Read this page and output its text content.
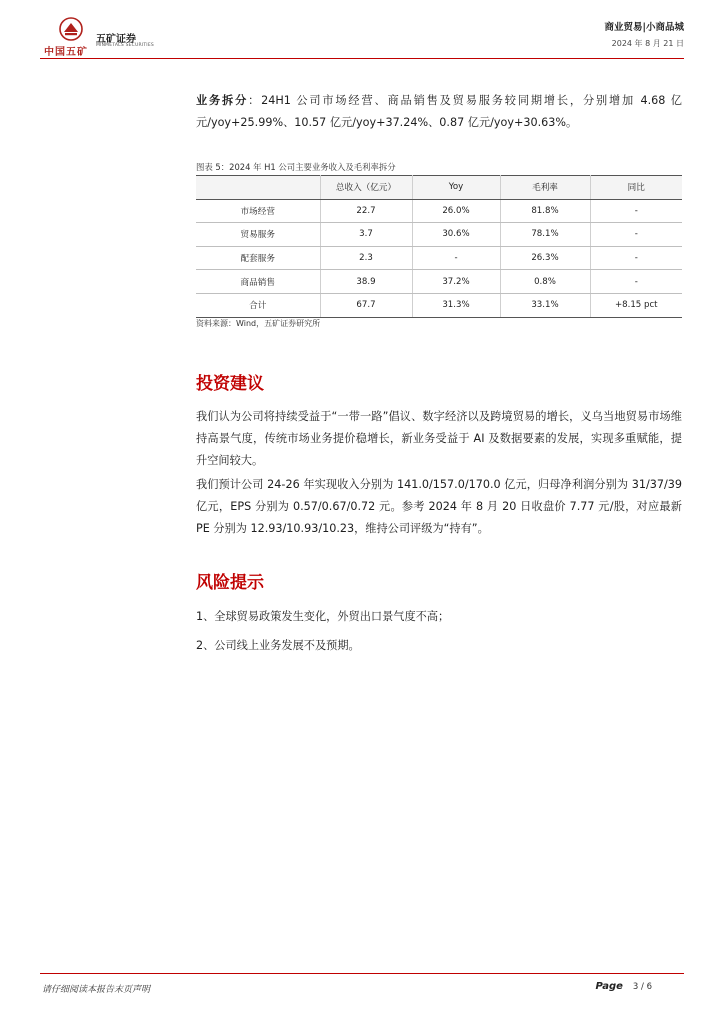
中国五矿
五矿证券
MINMETALS SECURITIES
商业贸易|小商品城
2024 年 8 月 21 日
业务拆分：24H1 公司市场经营、商品销售及贸易服务较同期增长，分别增加 4.68 亿元/yoy+25.99%、10.57 亿元/yoy+37.24%、0.87 亿元/yoy+30.63%。
图表 5：2024 年 H1 公司主要业务收入及毛利率拆分
	总收入（亿元）	Yoy	毛利率	同比
市场经营	22.7	26.0%	81.8%	-
贸易服务	3.7	30.6%	78.1%	-
配套服务	2.3	-	26.3%	-
商品销售	38.9	37.2%	0.8%	-
合计	67.7	31.3%	33.1%	+8.15 pct
资料来源：Wind，五矿证券研究所
投资建议
我们认为公司将持续受益于“一带一路”倡议、数字经济以及跨境贸易的增长，义乌当地贸易市场维持高景气度，传统市场业务提价稳增长，新业务受益于 AI 及数据要素的发展，实现多重赋能，提升空间较大。
我们预计公司 24-26 年实现收入分别为 141.0/157.0/170.0 亿元，归母净利润分别为 31/37/39 亿元，EPS 分别为 0.57/0.67/0.72 元。参考 2024 年 8 月 20 日收盘价 7.77 元/股，对应最新 PE 分别为 12.93/10.93/10.23，维持公司评级为“持有”。
风险提示
1、全球贸易政策发生变化，外贸出口景气度不高；
2、公司线上业务发展不及预期。
请仔细阅读本报告末页声明	Page 3 / 6
